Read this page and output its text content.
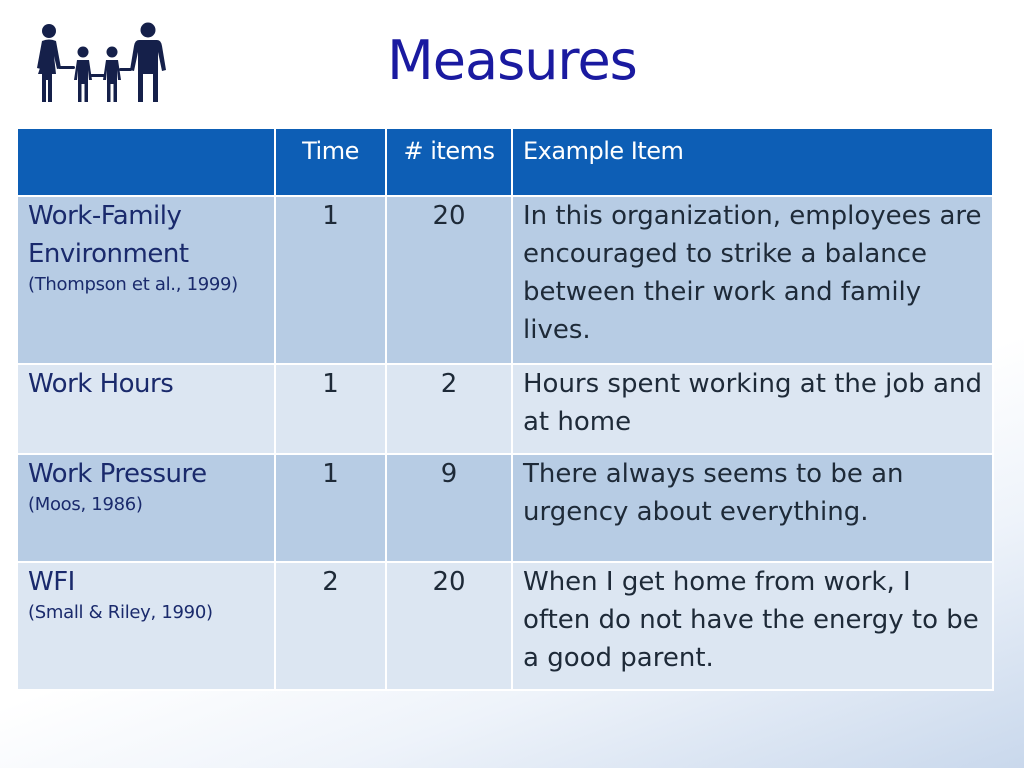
Measures
	Time	# items	Example Item

Work-Family Environment
(Thompson et al., 1999)	1	20	In this organization, employees are encouraged to strike a balance between their work and family lives.

Work Hours	1	2	Hours spent working at the job and at home

Work Pressure
(Moos, 1986)	1	9	There always seems to be an urgency about everything.

WFI
(Small & Riley, 1990)	2	20	When I get home from work, I often do not have the energy to be a good parent.
